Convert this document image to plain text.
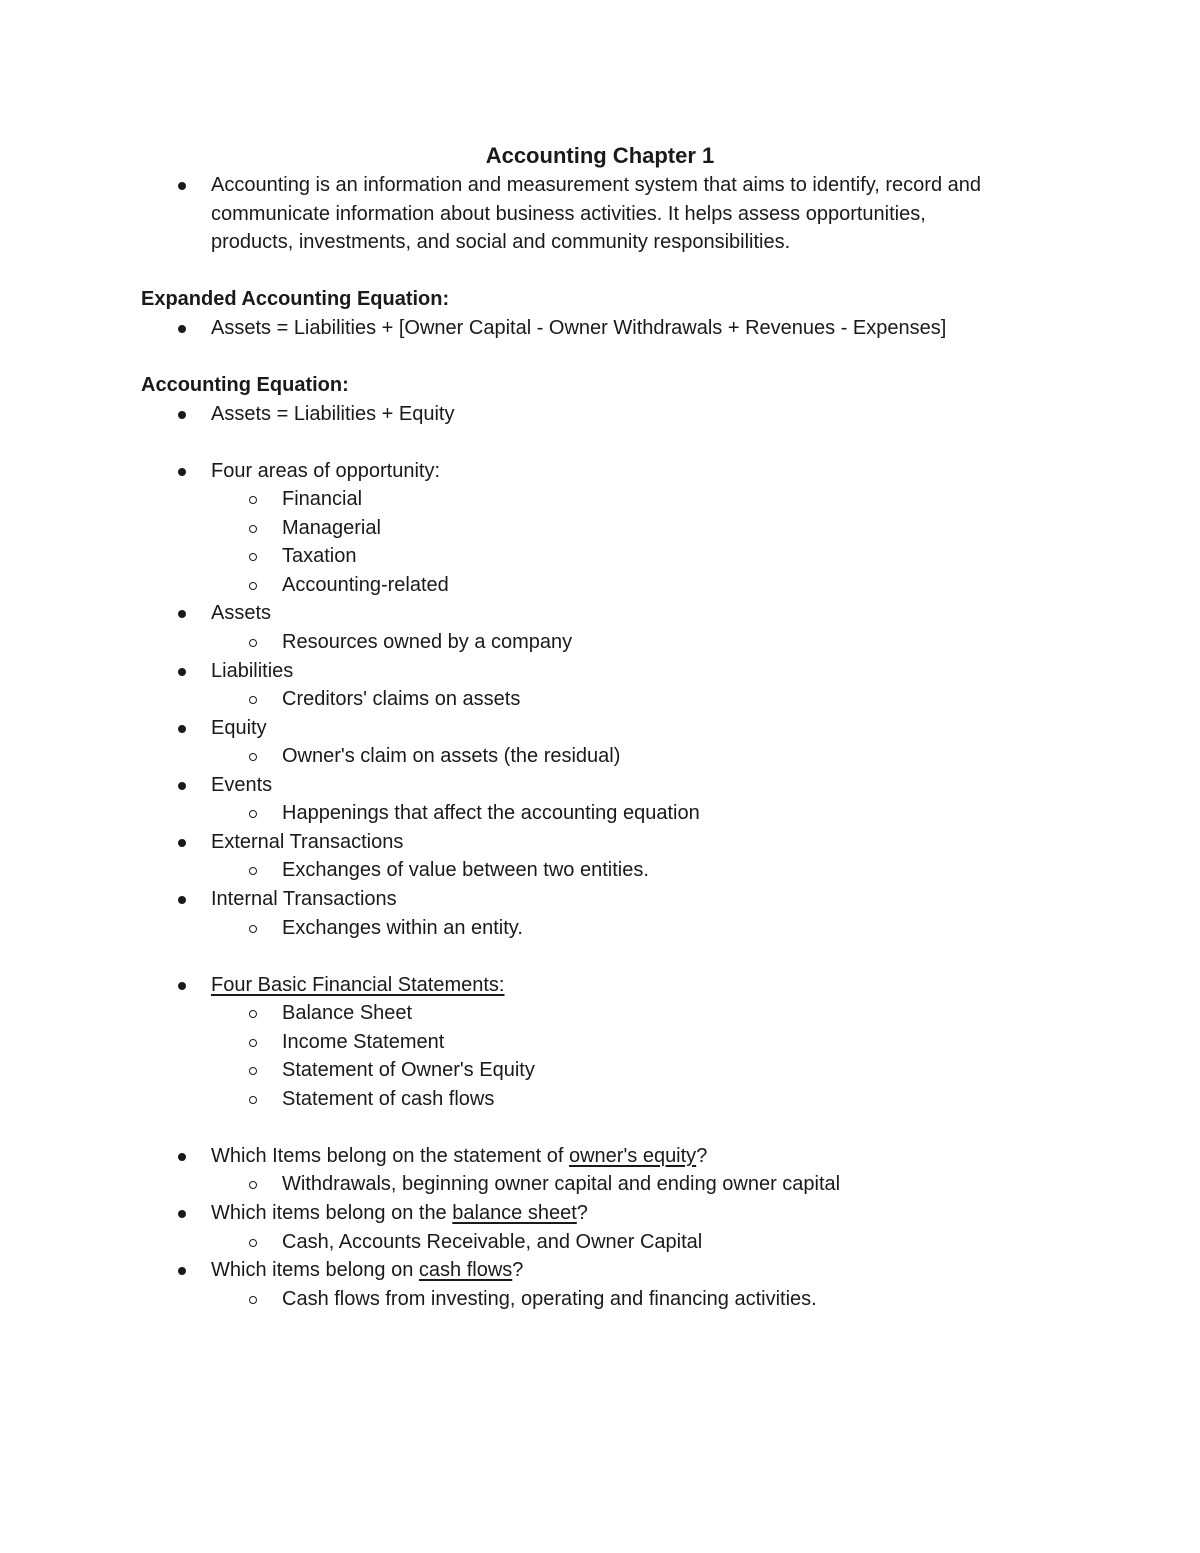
Accounting Chapter 1
Accounting is an information and measurement system that aims to identify, record and
communicate information about business activities. It helps assess opportunities,
products, investments, and social and community responsibilities.
Expanded Accounting Equation:
Assets = Liabilities + [Owner Capital - Owner Withdrawals + Revenues - Expenses]
Accounting Equation:
Assets = Liabilities + Equity
Four areas of opportunity:
Financial
Managerial
Taxation
Accounting-related
Assets
Resources owned by a company
Liabilities
Creditors' claims on assets
Equity
Owner's claim on assets (the residual)
Events
Happenings that affect the accounting equation
External Transactions
Exchanges of value between two entities.
Internal Transactions
Exchanges within an entity.
Four Basic Financial Statements:
Balance Sheet
Income Statement
Statement of Owner's Equity
Statement of cash flows
Which Items belong on the statement of owner's equity?
Withdrawals, beginning owner capital and ending owner capital
Which items belong on the balance sheet?
Cash, Accounts Receivable, and Owner Capital
Which items belong on cash flows?
Cash flows from investing, operating and financing activities.
